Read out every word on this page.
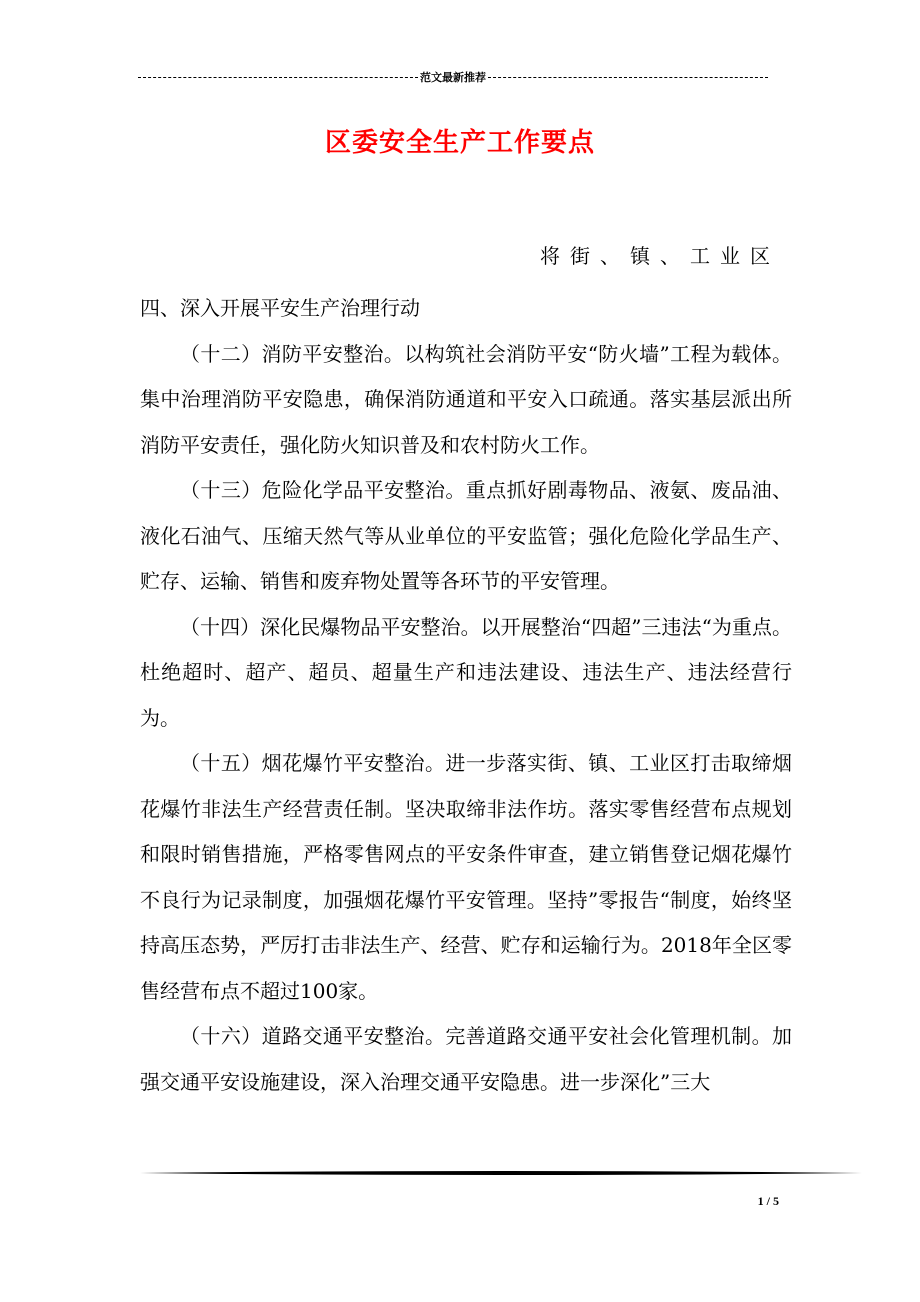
范文最新推荐
区委安全生产工作要点
将街、镇、工业区

四、深入开展平安生产治理行动

（十二）消防平安整治。以构筑社会消防平安“防火墙”工程为载体。集中治理消防平安隐患，确保消防通道和平安入口疏通。落实基层派出所消防平安责任，强化防火知识普及和农村防火工作。

（十三）危险化学品平安整治。重点抓好剧毒物品、液氨、废品油、液化石油气、压缩天然气等从业单位的平安监管；强化危险化学品生产、贮存、运输、销售和废弃物处置等各环节的平安管理。

（十四）深化民爆物品平安整治。以开展整治“四超”三违法“为重点。杜绝超时、超产、超员、超量生产和违法建设、违法生产、违法经营行为。

（十五）烟花爆竹平安整治。进一步落实街、镇、工业区打击取缔烟花爆竹非法生产经营责任制。坚决取缔非法作坊。落实零售经营布点规划和限时销售措施，严格零售网点的平安条件审查，建立销售登记烟花爆竹不良行为记录制度，加强烟花爆竹平安管理。坚持”零报告“制度，始终坚持高压态势，严厉打击非法生产、经营、贮存和运输行为。2018年全区零售经营布点不超过100家。

（十六）道路交通平安整治。完善道路交通平安社会化管理机制。加强交通平安设施建设，深入治理交通平安隐患。进一步深化”三大

1 / 5
